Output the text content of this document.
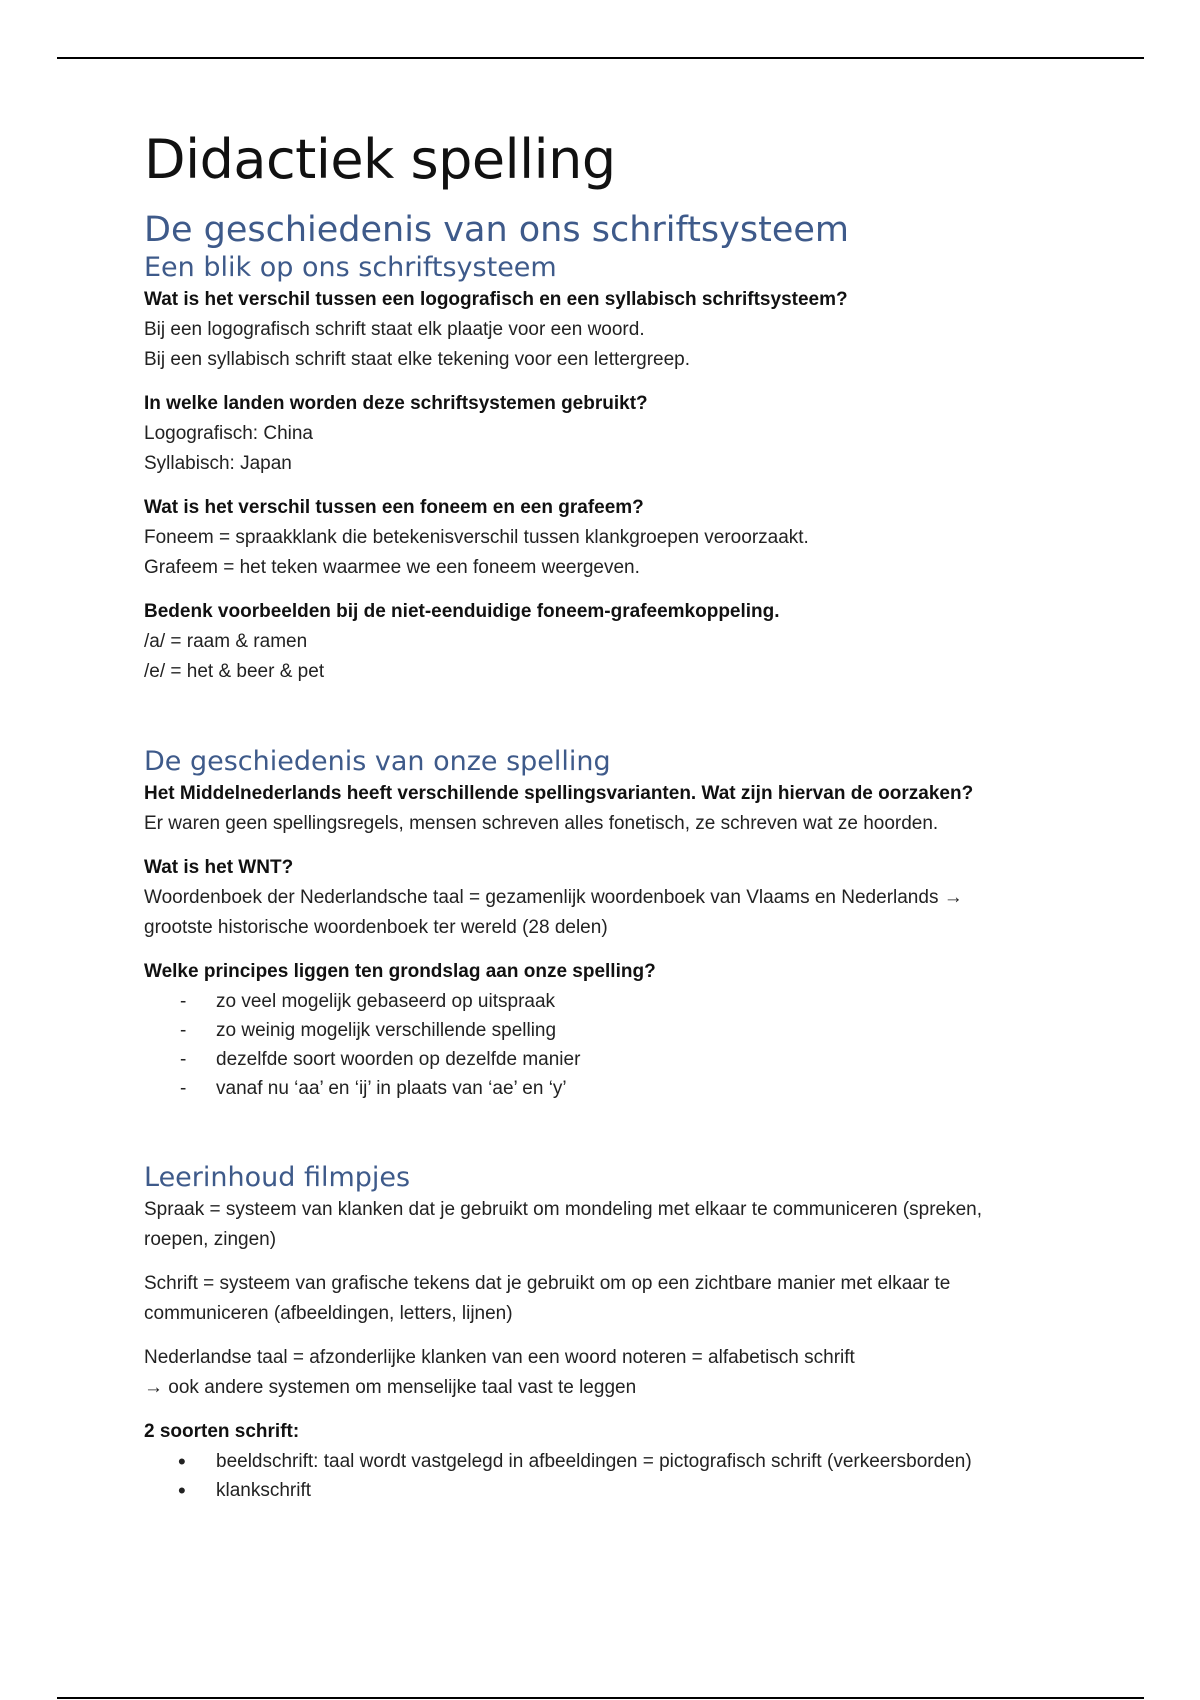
Didactiek spelling
De geschiedenis van ons schriftsysteem
Een blik op ons schriftsysteem

Wat is het verschil tussen een logografisch en een syllabisch schriftsysteem?

Bij een logografisch schrift staat elk plaatje voor een woord.

Bij een syllabisch schrift staat elke tekening voor een lettergreep.

In welke landen worden deze schriftsystemen gebruikt?

Logografisch: China

Syllabisch: Japan

Wat is het verschil tussen een foneem en een grafeem?

Foneem = spraakklank die betekenisverschil tussen klankgroepen veroorzaakt.

Grafeem = het teken waarmee we een foneem weergeven.

Bedenk voorbeelden bij de niet-eenduidige foneem-grafeemkoppeling.

/a/ = raam & ramen

/e/ = het & beer & pet

De geschiedenis van onze spelling

Het Middelnederlands heeft verschillende spellingsvarianten. Wat zijn hiervan de oorzaken?

Er waren geen spellingsregels, mensen schreven alles fonetisch, ze schreven wat ze hoorden.

Wat is het WNT?

Woordenboek der Nederlandsche taal = gezamenlijk woordenboek van Vlaams en Nederlands →

grootste historische woordenboek ter wereld (28 delen)

Welke principes liggen ten grondslag aan onze spelling?

- zo veel mogelijk gebaseerd op uitspraak
- zo weinig mogelijk verschillende spelling
- dezelfde soort woorden op dezelfde manier
- vanaf nu ‘aa’ en ‘ij’ in plaats van ‘ae’ en ‘y’
Leerinhoud filmpjes

Spraak = systeem van klanken dat je gebruikt om mondeling met elkaar te communiceren (spreken,

roepen, zingen)

Schrift = systeem van grafische tekens dat je gebruikt om op een zichtbare manier met elkaar te

communiceren (afbeeldingen, letters, lijnen)

Nederlandse taal = afzonderlijke klanken van een woord noteren = alfabetisch schrift

→ ook andere systemen om menselijke taal vast te leggen

2 soorten schrift:

• beeldschrift: taal wordt vastgelegd in afbeeldingen = pictografisch schrift (verkeersborden)
• klankschrift
